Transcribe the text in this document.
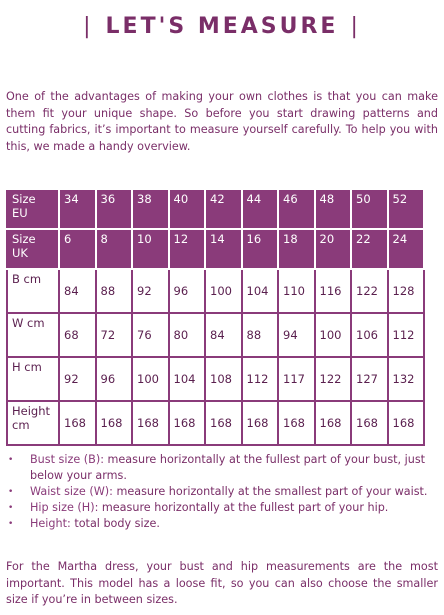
| LET'S MEASURE |

One of the advantages of making your own clothes is that you can make them fit your unique shape. So before you start drawing patterns and cutting fabrics, it’s important to measure yourself carefully. To help you with this, we made a handy overview.

Size EU	34	36	38	40	42	44	46	48	50	52
Size UK	6	8	10	12	14	16	18	20	22	24
B cm	84	88	92	96	100	104	110	116	122	128
W cm	68	72	76	80	84	88	94	100	106	112
H cm	92	96	100	104	108	112	117	122	127	132
Height cm	168	168	168	168	168	168	168	168	168	168
• Bust size (B): measure horizontally at the fullest part of your bust, just below your arms.
• Waist size (W): measure horizontally at the smallest part of your waist.
• Hip size (H): measure horizontally at the fullest part of your hip.
• Height: total body size.

For the Martha dress, your bust and hip measurements are the most important. This model has a loose fit, so you can also choose the smaller size if you’re in between sizes.
